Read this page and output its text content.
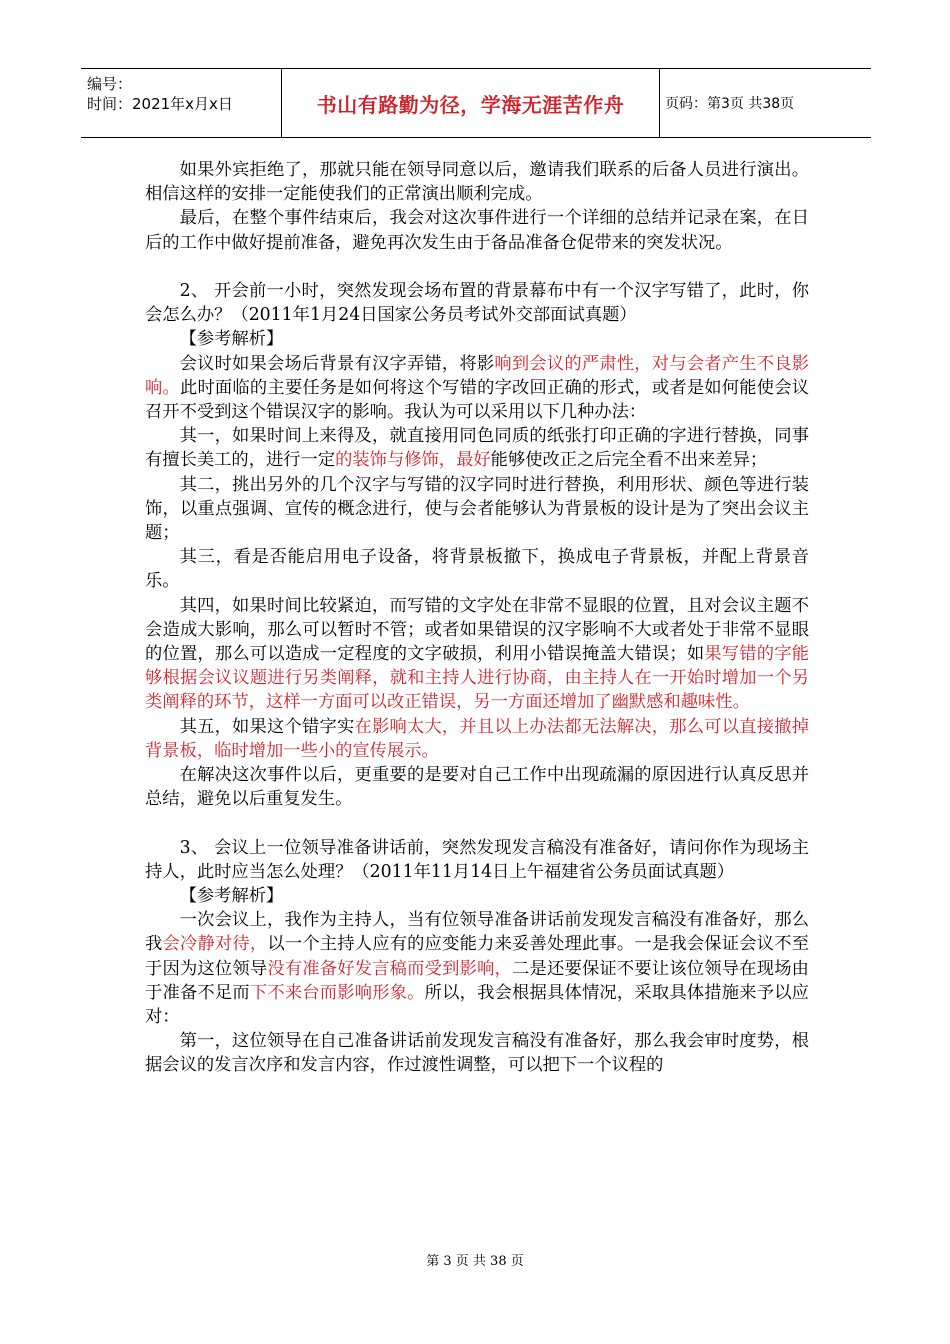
编号：
时间：2021年x月x日	书山有路勤为径，学海无涯苦作舟	页码：第3页 共38页

如果外宾拒绝了，那就只能在领导同意以后，邀请我们联系的后备人员进行演出。相信这样的安排一定能使我们的正常演出顺利完成。

最后，在整个事件结束后，我会对这次事件进行一个详细的总结并记录在案，在日后的工作中做好提前准备，避免再次发生由于备品准备仓促带来的突发状况。

2、 开会前一小时，突然发现会场布置的背景幕布中有一个汉字写错了，此时，你会怎么办？（2011年1月24日国家公务员考试外交部面试真题）

【参考解析】

会议时如果会场后背景有汉字弄错，将影响到会议的严肃性，对与会者产生不良影响。此时面临的主要任务是如何将这个写错的字改回正确的形式，或者是如何能使会议召开不受到这个错误汉字的影响。我认为可以采用以下几种办法：

其一，如果时间上来得及，就直接用同色同质的纸张打印正确的字进行替换，同事有擅长美工的，进行一定的装饰与修饰，最好能够使改正之后完全看不出来差异；

其二，挑出另外的几个汉字与写错的汉字同时进行替换，利用形状、颜色等进行装饰，以重点强调、宣传的概念进行，使与会者能够认为背景板的设计是为了突出会议主题；

其三，看是否能启用电子设备，将背景板撤下，换成电子背景板，并配上背景音乐。

其四，如果时间比较紧迫，而写错的文字处在非常不显眼的位置，且对会议主题不会造成大影响，那么可以暂时不管；或者如果错误的汉字影响不大或者处于非常不显眼的位置，那么可以造成一定程度的文字破损，利用小错误掩盖大错误；如果写错的字能够根据会议议题进行另类阐释，就和主持人进行协商，由主持人在一开始时增加一个另类阐释的环节，这样一方面可以改正错误，另一方面还增加了幽默感和趣味性。

其五，如果这个错字实在影响太大，并且以上办法都无法解决，那么可以直接撤掉背景板，临时增加一些小的宣传展示。

在解决这次事件以后，更重要的是要对自己工作中出现疏漏的原因进行认真反思并总结，避免以后重复发生。

3、 会议上一位领导准备讲话前，突然发现发言稿没有准备好，请问你作为现场主持人，此时应当怎么处理？（2011年11月14日上午福建省公务员面试真题）

【参考解析】

一次会议上，我作为主持人，当有位领导准备讲话前发现发言稿没有准备好，那么我会冷静对待，以一个主持人应有的应变能力来妥善处理此事。一是我会保证会议不至于因为这位领导没有准备好发言稿而受到影响，二是还要保证不要让该位领导在现场由于准备不足而下不来台而影响形象。所以，我会根据具体情况，采取具体措施来予以应对：

第一，这位领导在自己准备讲话前发现发言稿没有准备好，那么我会审时度势，根据会议的发言次序和发言内容，作过渡性调整，可以把下一个议程的

第 3 页 共 38 页
